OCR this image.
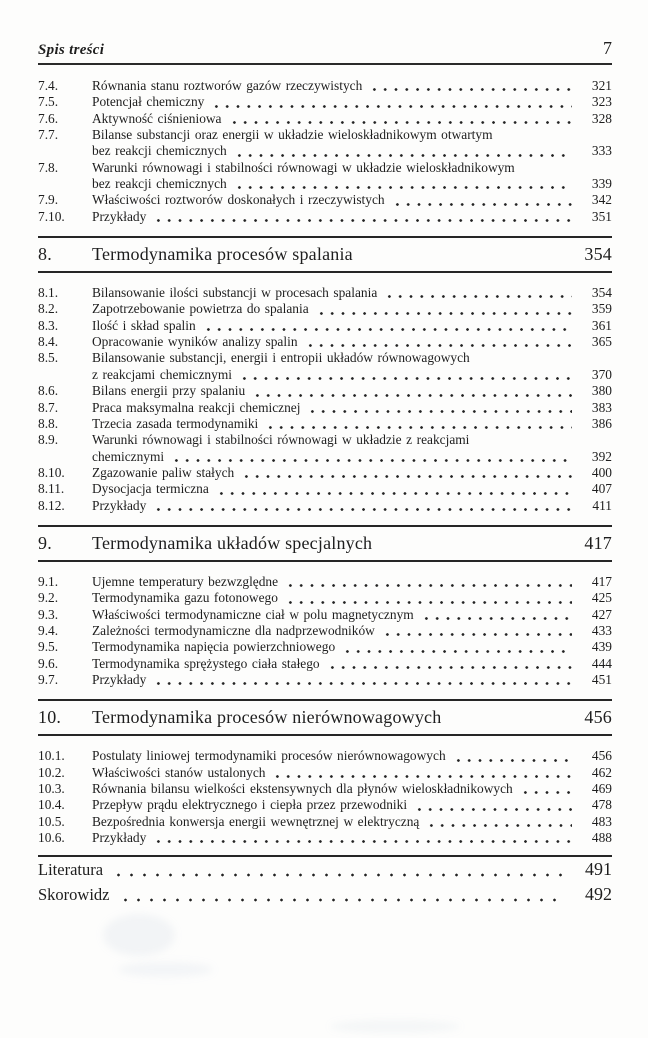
Spis treści	7
7.4.	Równania stanu roztworów gazów rzeczywistych	321
7.5.	Potencjał chemiczny	323
7.6.	Aktywność ciśnieniowa	328
7.7.	Bilanse substancji oraz energii w układzie wieloskładnikowym otwartym
bez reakcji chemicznych	333
7.8.	Warunki równowagi i stabilności równowagi w układzie wieloskładnikowym
bez reakcji chemicznych	339
7.9.	Właściwości roztworów doskonałych i rzeczywistych	342
7.10.	Przykłady	351
8.	Termodynamika procesów spalania	354
8.1.	Bilansowanie ilości substancji w procesach spalania	354
8.2.	Zapotrzebowanie powietrza do spalania	359
8.3.	Ilość i skład spalin	361
8.4.	Opracowanie wyników analizy spalin	365
8.5.	Bilansowanie substancji, energii i entropii układów równowagowych
z reakcjami chemicznymi	370
8.6.	Bilans energii przy spalaniu	380
8.7.	Praca maksymalna reakcji chemicznej	383
8.8.	Trzecia zasada termodynamiki	386
8.9.	Warunki równowagi i stabilności równowagi w układzie z reakcjami
chemicznymi	392
8.10.	Zgazowanie paliw stałych	400
8.11.	Dysocjacja termiczna	407
8.12.	Przykłady	411
9.	Termodynamika układów specjalnych	417
9.1.	Ujemne temperatury bezwzględne	417
9.2.	Termodynamika gazu fotonowego	425
9.3.	Właściwości termodynamiczne ciał w polu magnetycznym	427
9.4.	Zależności termodynamiczne dla nadprzewodników	433
9.5.	Termodynamika napięcia powierzchniowego	439
9.6.	Termodynamika sprężystego ciała stałego	444
9.7.	Przykłady	451
10.	Termodynamika procesów nierównowagowych	456
10.1.	Postulaty liniowej termodynamiki procesów nierównowagowych	456
10.2.	Właściwości stanów ustalonych	462
10.3.	Równania bilansu wielkości ekstensywnych dla płynów wieloskładnikowych	469
10.4.	Przepływ prądu elektrycznego i ciepła przez przewodniki	478
10.5.	Bezpośrednia konwersja energii wewnętrznej w elektryczną	483
10.6.	Przykłady	488
Literatura	491
Skorowidz	492
